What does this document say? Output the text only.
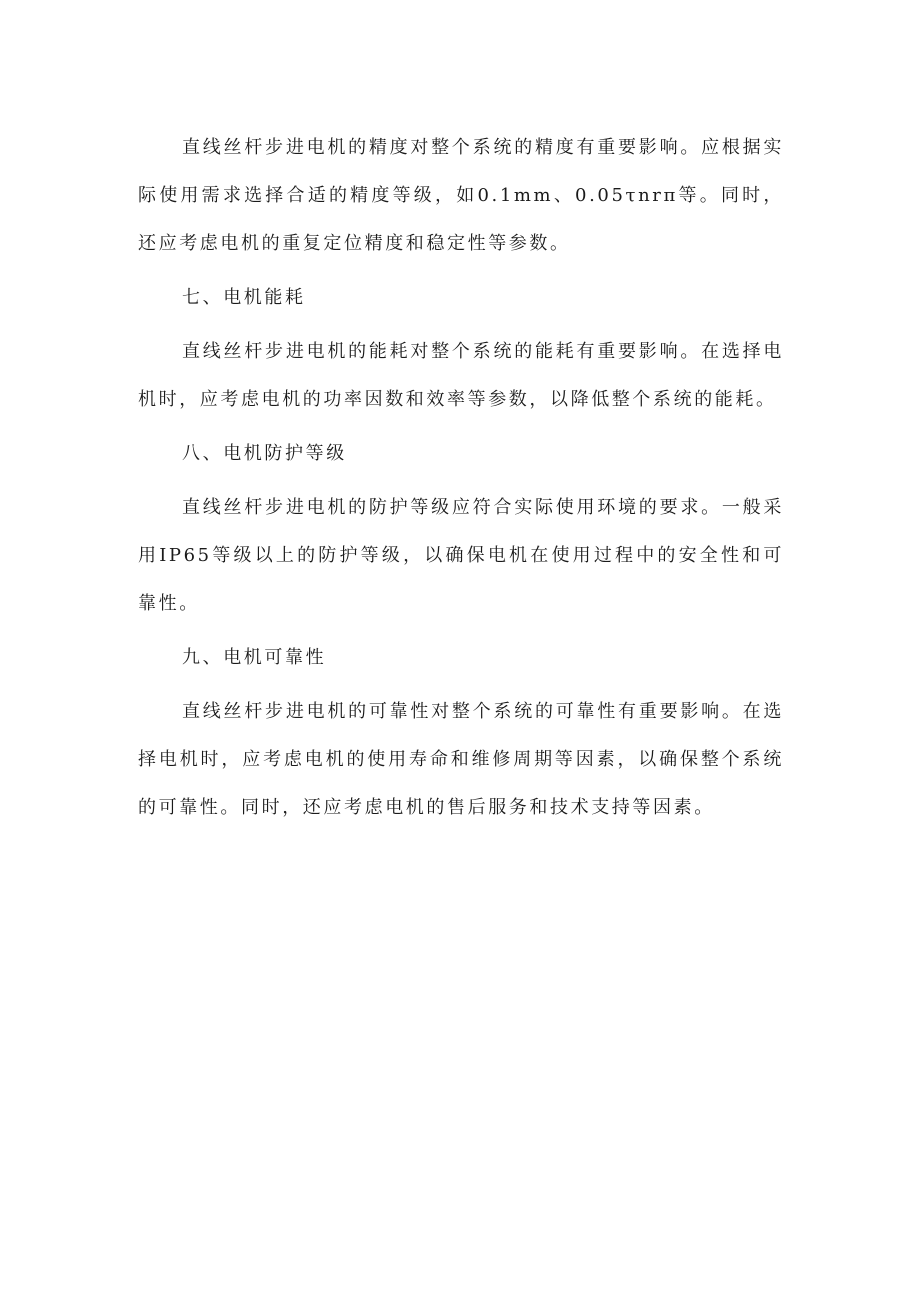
直线丝杆步进电机的精度对整个系统的精度有重要影响。应根据实际使用需求选择合适的精度等级，如0.1mm、0.05τnrπ等。同时，还应考虑电机的重复定位精度和稳定性等参数。

七、电机能耗

直线丝杆步进电机的能耗对整个系统的能耗有重要影响。在选择电机时，应考虑电机的功率因数和效率等参数，以降低整个系统的能耗。

八、电机防护等级

直线丝杆步进电机的防护等级应符合实际使用环境的要求。一般采用IP65等级以上的防护等级，以确保电机在使用过程中的安全性和可靠性。

九、电机可靠性

直线丝杆步进电机的可靠性对整个系统的可靠性有重要影响。在选择电机时，应考虑电机的使用寿命和维修周期等因素，以确保整个系统的可靠性。同时，还应考虑电机的售后服务和技术支持等因素。
